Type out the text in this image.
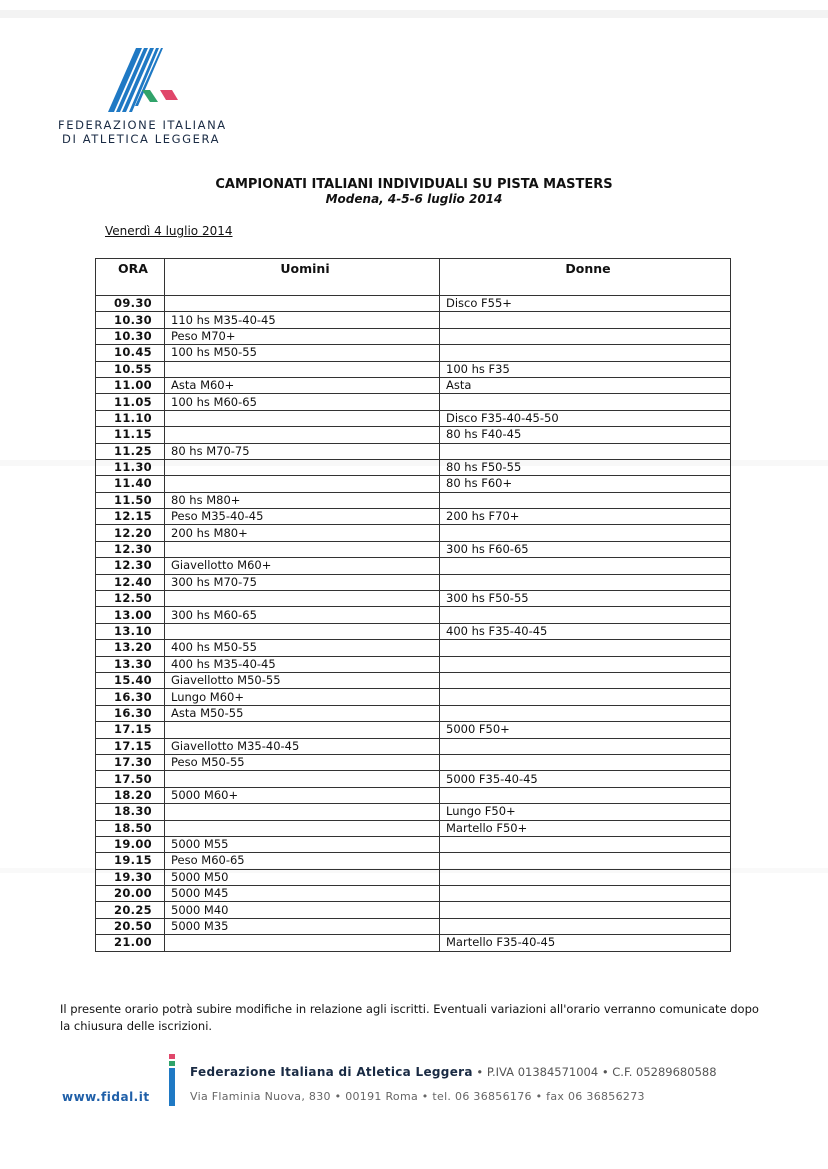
FEDERAZIONE ITALIANA
DI ATLETICA LEGGERA
CAMPIONATI ITALIANI INDIVIDUALI SU PISTA MASTERS
Modena, 4-5-6 luglio 2014
Venerdì 4 luglio 2014
ORA	Uomini	Donne
09.30		Disco F55+
10.30	110 hs M35-40-45	
10.30	Peso M70+	
10.45	100 hs M50-55	
10.55		100 hs F35
11.00	Asta M60+	Asta
11.05	100 hs M60-65	
11.10		Disco F35-40-45-50
11.15		80 hs F40-45
11.25	80 hs M70-75	
11.30		80 hs F50-55
11.40		80 hs F60+
11.50	80 hs M80+	
12.15	Peso M35-40-45	200 hs F70+
12.20	200 hs M80+	
12.30		300 hs F60-65
12.30	Giavellotto M60+	
12.40	300 hs M70-75	
12.50		300 hs F50-55
13.00	300 hs M60-65	
13.10		400 hs F35-40-45
13.20	400 hs M50-55	
13.30	400 hs M35-40-45	
15.40	Giavellotto M50-55	
16.30	Lungo M60+	
16.30	Asta M50-55	
17.15		5000 F50+
17.15	Giavellotto M35-40-45	
17.30	Peso M50-55	
17.50		5000 F35-40-45
18.20	5000 M60+	
18.30		Lungo F50+
18.50		Martello F50+
19.00	5000 M55	
19.15	Peso M60-65	
19.30	5000 M50	
20.00	5000 M45	
20.25	5000 M40	
20.50	5000 M35	
21.00		Martello F35-40-45
Il presente orario potrà subire modifiche in relazione agli iscritti. Eventuali variazioni all'orario verranno comunicate dopo la chiusura delle iscrizioni.
www.fidal.it
Federazione Italiana di Atletica Leggera • P.IVA 01384571004 • C.F. 05289680588
Via Flaminia Nuova, 830 • 00191 Roma • tel. 06 36856176 • fax 06 36856273
